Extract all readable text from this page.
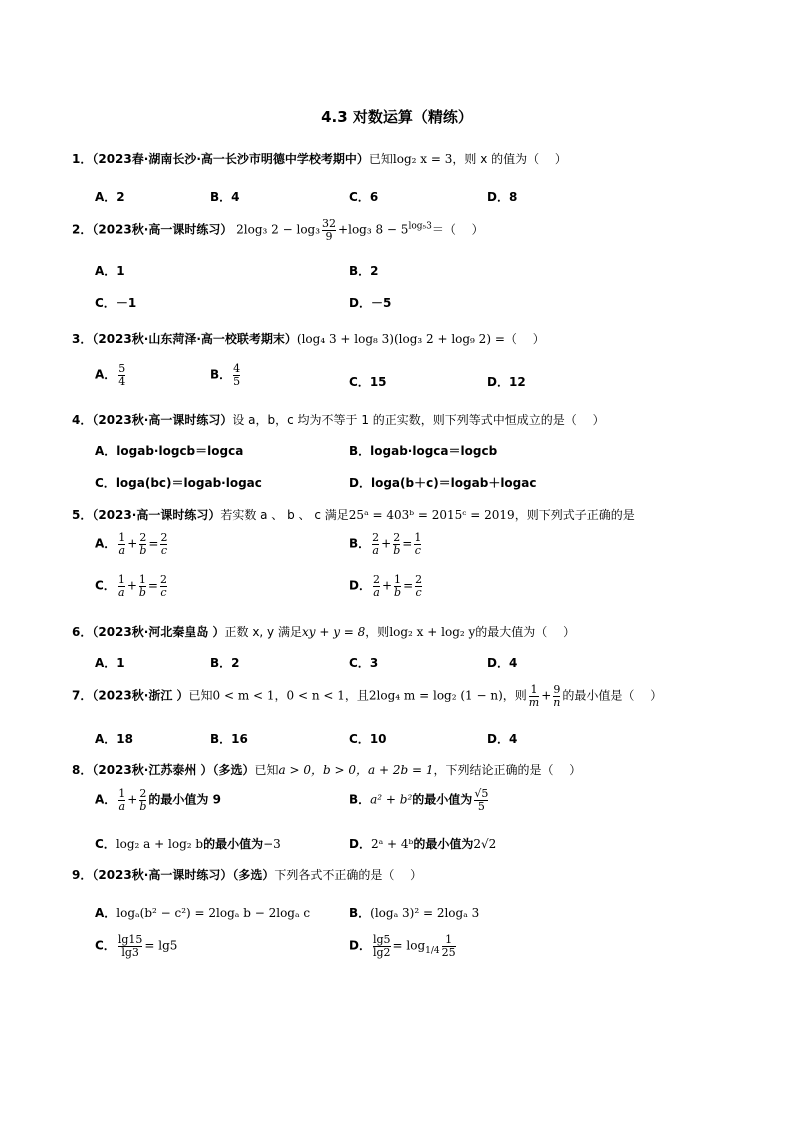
4.3 对数运算（精练）
1．（2023春·湖南长沙·高一长沙市明德中学校考期中）已知log₂ x = 3，则 x 的值为（　 ）
A．2	B．4	C．6	D．8
2．（2023秋·高一课时练习） 2log₃ $2 - \log_3 \frac{32}{9} +\log_3$ $8 - 5^{log_53}=$（　 ）
A．1	B．2
C．－1	D．－5
3．（2023秋·山东菏泽·高一校联考期末）(log₄ 3 + log₈ 3)(log₃ 2 + log₉ 2) =（　 ）
A． $\frac{5}{4}$	B． $\frac{4}{5}$	C．15	D．12
4．（2023秋·高一课时练习）设 a，b，c 均为不等于 1 的正实数，则下列等式中恒成立的是（　 ）
A．logab·logcb＝logca	B．logab·logca＝logcb
C．loga(bc)＝logab·logac	D．loga(b＋c)＝logab＋logac
5．（2023·高一课时练习）若实数 a 、 b 、 c 满足25ᵃ = 403ᵇ = 2015ᶜ = 2019，则下列式子正确的是
A． $\frac{1}{a} + \frac{2}{b} = \frac{2}{c}$	B． $\frac{2}{a} + \frac{2}{b} = \frac{1}{c}$
C． $\frac{1}{a} + \frac{1}{b} = \frac{2}{c}$	D． $\frac{2}{a} + \frac{1}{b} = \frac{2}{c}$
6．（2023秋·河北秦皇岛 ）正数 x, y 满足xy + y = 8，则log₂ x + log₂ y的最大值为（　 ）
A．1	B．2	C．3	D．4
7．（2023秋·浙江 ）已知0 < m < 1，0 < n < 1，且2log₄ m = log₂ (1 − n)，则 $\frac{1}{m} + \frac{9}{n}$ 的最小值是（　 ）
A．18	B．16	C．10	D．4
8．（2023秋·江苏泰州 ）（多选）已知a > 0，b > 0，a + 2b = 1，下列结论正确的是（　 ）
A． $\frac{1}{a} + \frac{2}{b}$ 的最小值为 9	B．a² + b²的最小值为 $\frac{√5}{5}$
C．log₂ a + log₂ b的最小值为−3	D．2ᵃ + 4ᵇ的最小值为2√2
9．（2023秋·高一课时练习）（多选）下列各式不正确的是（　 ）
A．logₐ(b² − c²) = 2logₐ b − 2logₐ c	B．(logₐ 3)² = 2logₐ 3
C． $\frac{\lg 15}{\lg 3} = \lg 5$	D． $\frac{\lg 5}{\lg 2} = \log_{1/4} \frac{1}{25}$
